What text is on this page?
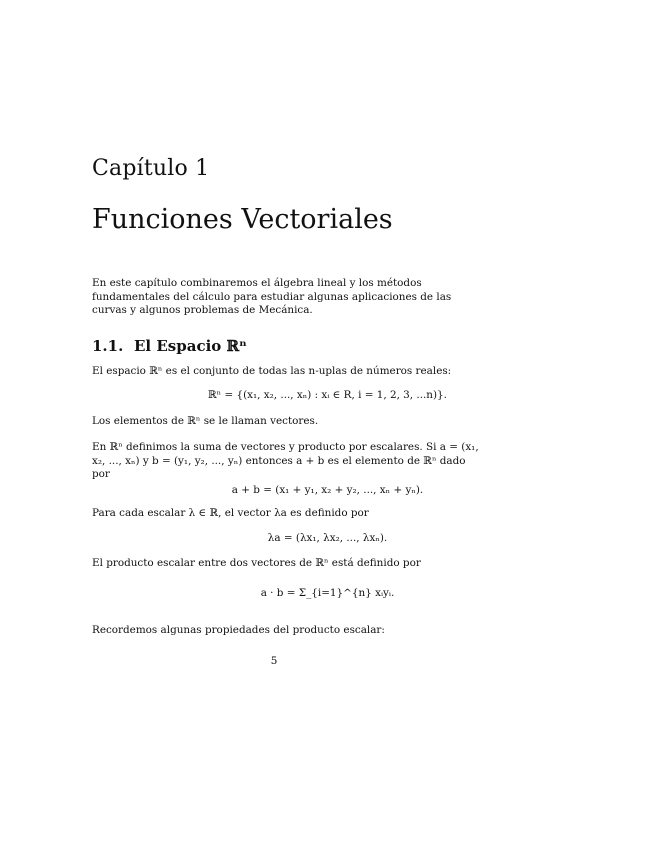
Capítulo 1
Funciones Vectoriales
En este capítulo combinaremos el álgebra lineal y los métodos fundamentales del cálculo para estudiar algunas aplicaciones de las curvas y algunos problemas de Mecánica.
1.1. El Espacio ℝⁿ
El espacio ℝⁿ es el conjunto de todas las n-uplas de números reales:
ℝⁿ = {(x₁, x₂, ..., xₙ) : xᵢ ∈ R, i = 1, 2, 3, ...n)}.
Los elementos de ℝⁿ se le llaman vectores.
En ℝⁿ definimos la suma de vectores y producto por escalares. Si a = (x₁, x₂, ..., xₙ) y b = (y₁, y₂, ..., yₙ) entonces a + b es el elemento de ℝⁿ dado por
a + b = (x₁ + y₁, x₂ + y₂, ..., xₙ + yₙ).
Para cada escalar λ ∈ ℝ, el vector λa es definido por
λa = (λx₁, λx₂, ..., λxₙ).
El producto escalar entre dos vectores de ℝⁿ está definido por
a · b = Σ_{i=1}^{n} xᵢyᵢ.
Recordemos algunas propiedades del producto escalar:
5
